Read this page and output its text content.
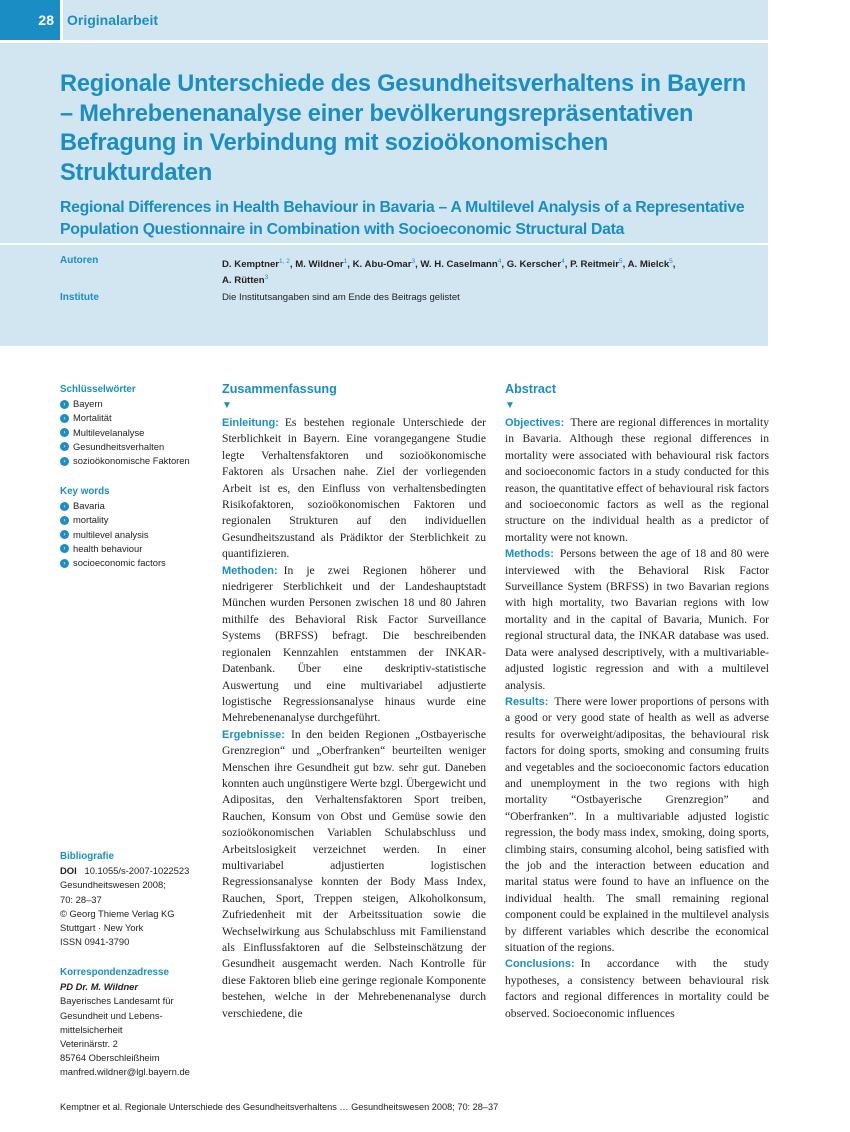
28 Originalarbeit
Regionale Unterschiede des Gesundheitsverhaltens in Bayern – Mehrebenenanalyse einer bevölkerungsrepräsentativen Befragung in Verbindung mit sozioökonomischen Strukturdaten
Regional Differences in Health Behaviour in Bavaria – A Multilevel Analysis of a Representative Population Questionnaire in Combination with Socioeconomic Structural Data
Autoren	D. Kemptner$^{1, 2}$, M. Wildner$^1$, K. Abu-Omar$^3$, W. H. Caselmann$^4$, G. Kerscher$^4$, P. Reitmeir$^5$, A. Mielck$^5$,
A. Rütten$^3$
Institute	Die Institutsangaben sind am Ende des Beitrags gelistet
Schlüsselwörter
› Bayern
› Mortalität
› Multilevelanalyse
› Gesundheitsverhalten
› sozioökonomische Faktoren
Key words
› Bavaria
› mortality
› multilevel analysis
› health behaviour
› socioeconomic factors
Bibliografie
DOI 10.1055/s-2007-1022523
Gesundheitswesen 2008;
70: 28–37
© Georg Thieme Verlag KG
Stuttgart · New York
ISSN 0941-3790
Korrespondenzadresse
PD Dr. M. Wildner
Bayerisches Landesamt für
Gesundheit und Lebens-
mittelsicherheit
Veterinärstr. 2
85764 Oberschleißheim
manfred.wildner@lgl.bayern.de
Zusammenfassung
▼

Einleitung: Es bestehen regionale Unterschiede der Sterblichkeit in Bayern. Eine vorangegangene Studie legte Verhaltensfaktoren und sozioökonomische Faktoren als Ursachen nahe. Ziel der vorliegenden Arbeit ist es, den Einfluss von verhaltensbedingten Risikofaktoren, sozioökonomischen Faktoren und regionalen Strukturen auf den individuellen Gesundheitszustand als Prädiktor der Sterblichkeit zu quantifizieren.

Methoden: In je zwei Regionen höherer und niedrigerer Sterblichkeit und der Landeshauptstadt München wurden Personen zwischen 18 und 80 Jahren mithilfe des Behavioral Risk Factor Surveillance Systems (BRFSS) befragt. Die beschreibenden regionalen Kennzahlen entstammen der INKAR-Datenbank. Über eine deskriptiv-statistische Auswertung und eine multivariabel adjustierte logistische Regressionsanalyse hinaus wurde eine Mehrebenenanalyse durchgeführt.

Ergebnisse: In den beiden Regionen „Ostbayerische Grenzregion“ und „Oberfranken“ beurteilten weniger Menschen ihre Gesundheit gut bzw. sehr gut. Daneben konnten auch ungünstigere Werte bzgl. Übergewicht und Adipositas, den Verhaltensfaktoren Sport treiben, Rauchen, Konsum von Obst und Gemüse sowie den sozioökonomischen Variablen Schulabschluss und Arbeitslosigkeit verzeichnet werden. In einer multivariabel adjustierten logistischen Regressionsanalyse konnten der Body Mass Index, Rauchen, Sport, Treppen steigen, Alkoholkonsum, Zufriedenheit mit der Arbeitssituation sowie die Wechselwirkung aus Schulabschluss mit Familienstand als Einflussfaktoren auf die Selbsteinschätzung der Gesundheit ausgemacht werden. Nach Kontrolle für diese Faktoren blieb eine geringe regionale Komponente bestehen, welche in der Mehrebenenanalyse durch verschiedene, die

Abstract
▼

Objectives: There are regional differences in mortality in Bavaria. Although these regional differences in mortality were associated with behavioural risk factors and socioeconomic factors in a study conducted for this reason, the quantitative effect of behavioural risk factors and socioeconomic factors as well as the regional structure on the individual health as a predictor of mortality were not known.

Methods: Persons between the age of 18 and 80 were interviewed with the Behavioral Risk Factor Surveillance System (BRFSS) in two Bavarian regions with high mortality, two Bavarian regions with low mortality and in the capital of Bavaria, Munich. For regional structural data, the INKAR database was used. Data were analysed descriptively, with a multivariable-adjusted logistic regression and with a multilevel analysis.

Results: There were lower proportions of persons with a good or very good state of health as well as adverse results for overweight/adipositas, the behavioural risk factors for doing sports, smoking and consuming fruits and vegetables and the socioeconomic factors education and unemployment in the two regions with high mortality “Ostbayerische Grenzregion” and “Oberfranken”. In a multivariable adjusted logistic regression, the body mass index, smoking, doing sports, climbing stairs, consuming alcohol, being satisfied with the job and the interaction between education and marital status were found to have an influence on the individual health. The small remaining regional component could be explained in the multilevel analysis by different variables which describe the economical situation of the regions.

Conclusions: In accordance with the study hypotheses, a consistency between behavioural risk factors and regional differences in mortality could be observed. Socioeconomic influences

Kemptner et al. Regionale Unterschiede des Gesundheitsverhaltens … Gesundheitswesen 2008; 70: 28–37
